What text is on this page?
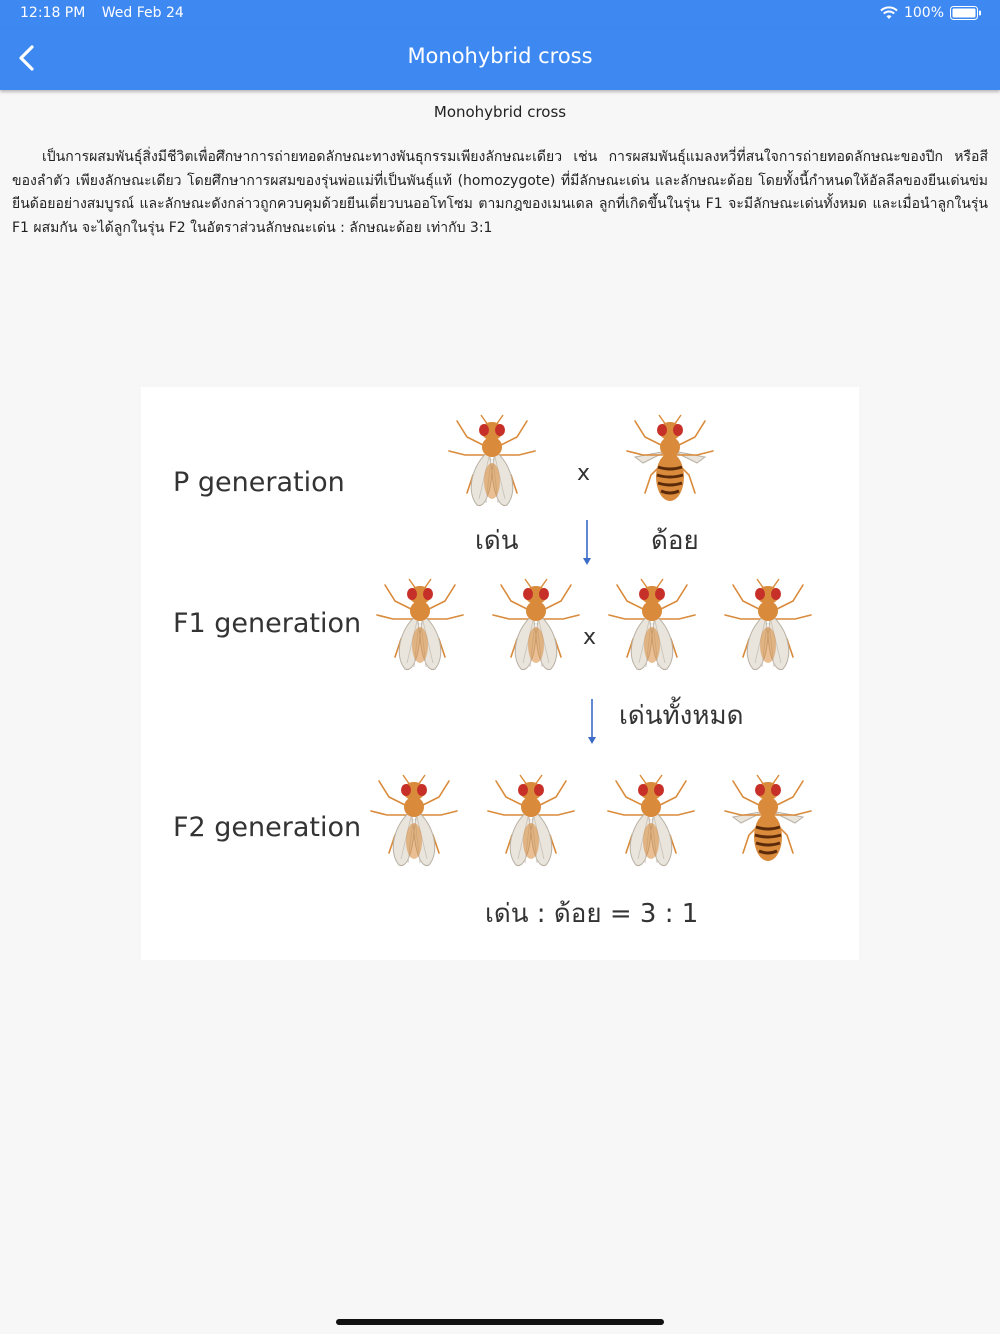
12:18 PM Wed Feb 24	100%
Monohybrid cross
Monohybrid cross
เป็นการผสมพันธุ์สิ่งมีชีวิตเพื่อศึกษาการถ่ายทอดลักษณะทางพันธุกรรมเพียงลักษณะเดียว เช่น การผสมพันธุ์แมลงหวี่ที่สนใจการถ่ายทอดลักษณะของปีก หรือสีของลำตัว เพียงลักษณะเดียว โดยศึกษาการผสมของรุ่นพ่อแม่ที่เป็นพันธุ์แท้ (homozygote) ที่มีลักษณะเด่น และลักษณะด้อย โดยทั้งนี้กำหนดให้อัลลีลของยีนเด่นข่มยีนด้อยอย่างสมบูรณ์ และลักษณะดังกล่าวถูกควบคุมด้วยยีนเดี่ยวบนออโทโซม ตามกฎของเมนเดล ลูกที่เกิดขึ้นในรุ่น F1 จะมีลักษณะเด่นทั้งหมด และเมื่อนำลูกในรุ่น F1 ผสมกัน จะได้ลูกในรุ่น F2 ในอัตราส่วนลักษณะเด่น : ลักษณะด้อย เท่ากับ 3:1
P generation
F1 generation
F2 generation
x
เด่น	ด้อย
x
เด่นทั้งหมด
เด่น : ด้อย = 3 : 1
